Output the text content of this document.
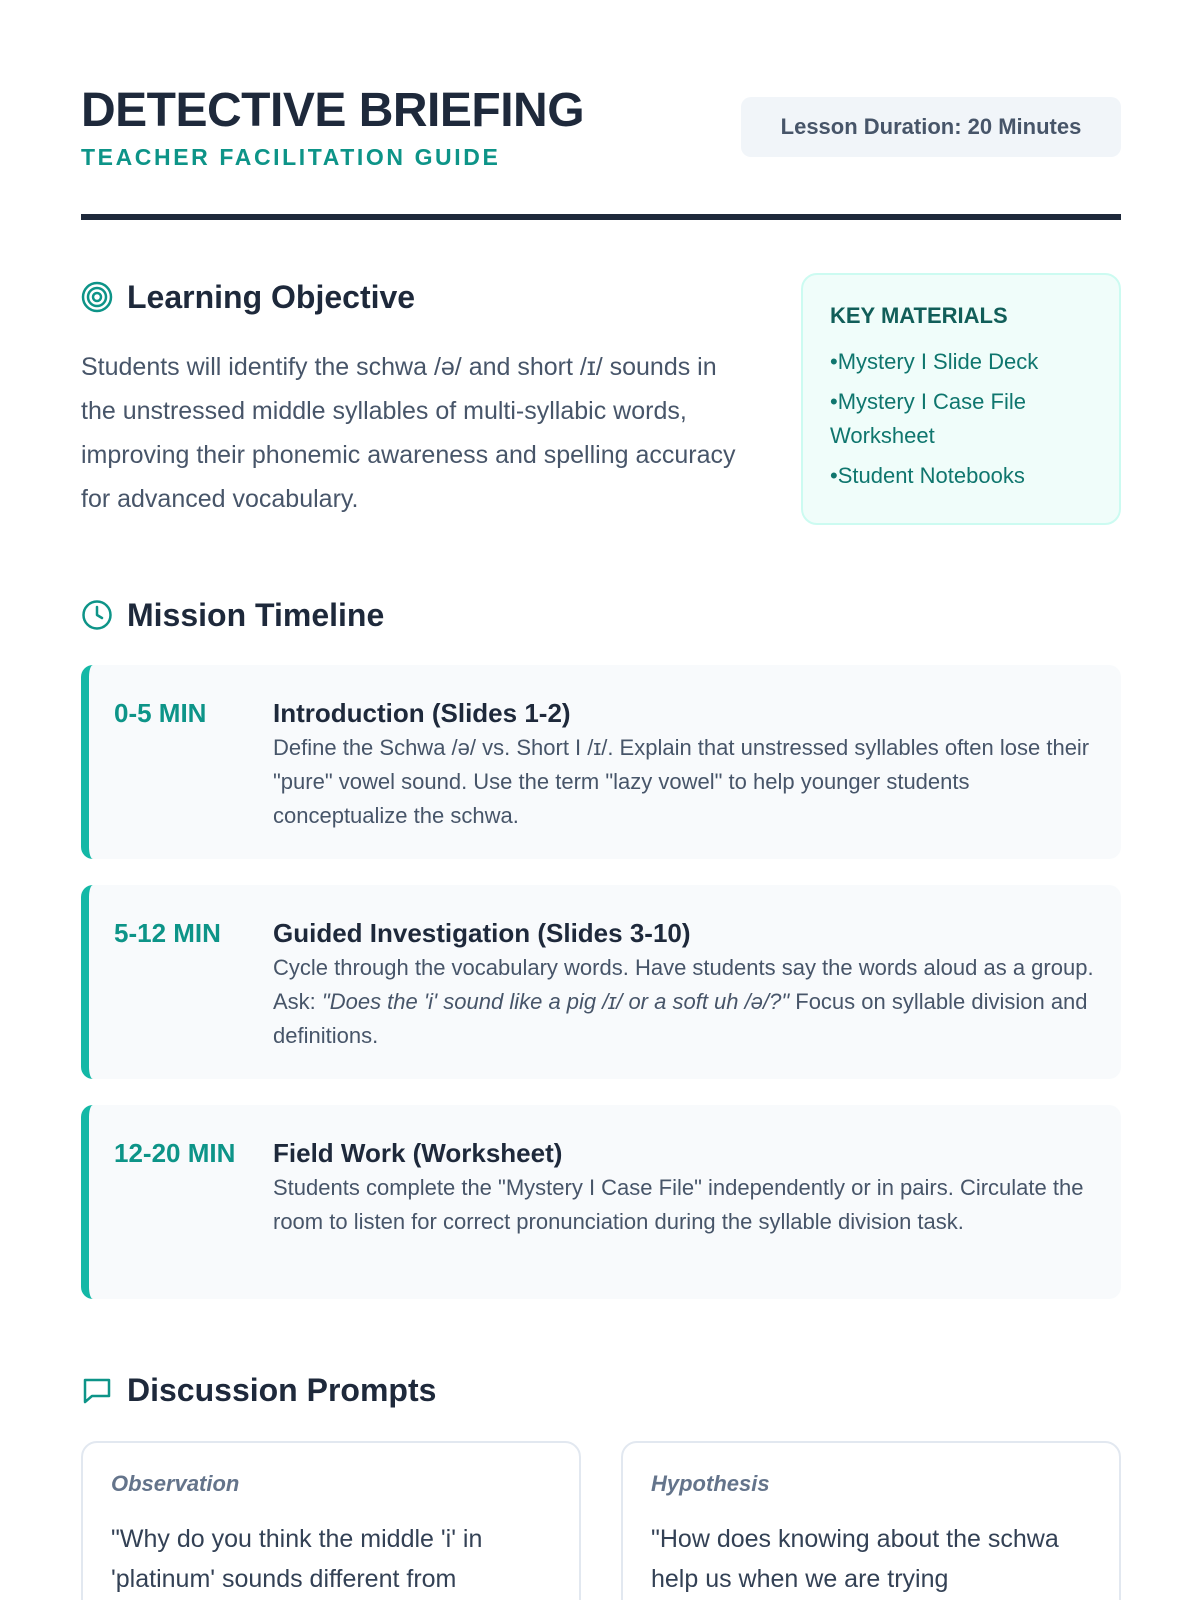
DETECTIVE BRIEFING
TEACHER FACILITATION GUIDE
Lesson Duration: 20 Minutes
Learning Objective

Students will identify the schwa /ə/ and short /ɪ/ sounds in the unstressed middle syllables of multi-syllabic words, improving their phonemic awareness and spelling accuracy for advanced vocabulary.

KEY MATERIALS
• Mystery I Slide Deck
• Mystery I Case File Worksheet
• Student Notebooks
Mission Timeline
0-5 MIN	Introduction (Slides 1-2)
Define the Schwa /ə/ vs. Short I /ɪ/. Explain that unstressed syllables often lose their "pure" vowel sound. Use the term "lazy vowel" to help younger students conceptualize the schwa.
5-12 MIN	Guided Investigation (Slides 3-10)
Cycle through the vocabulary words. Have students say the words aloud as a group. Ask: "Does the 'i' sound like a pig /ɪ/ or a soft uh /ə/?" Focus on syllable division and definitions.
12-20 MIN	Field Work (Worksheet)
Students complete the "Mystery I Case File" independently or in pairs. Circulate the room to listen for correct pronunciation during the syllable division task.
Discussion Prompts
Observation
"Why do you think the middle 'i' in 'platinum' sounds different from
Hypothesis
"How does knowing about the schwa help us when we are trying
